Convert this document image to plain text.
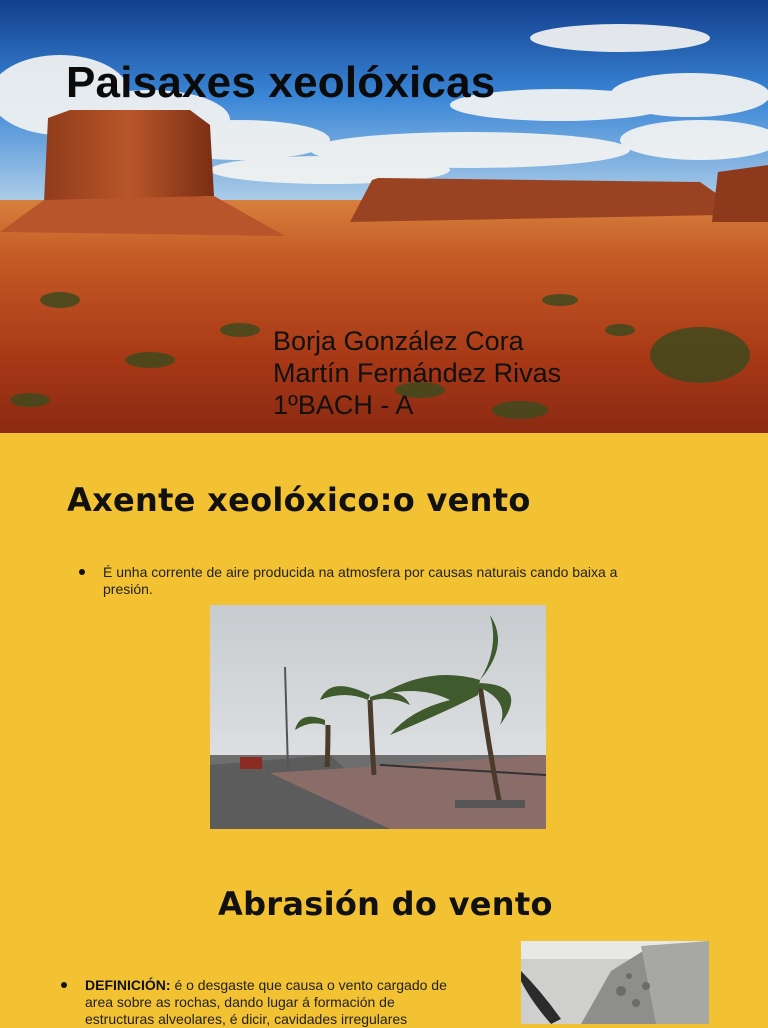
Paisaxes xeolóxicas
Borja González Cora
Martín Fernández Rivas
1ºBACH - A
Axente xeolóxico:o vento
É unha corrente de aire producida na atmosfera por causas naturais cando baixa a presión.
Abrasión do vento
DEFINICIÓN: é o desgaste que causa o vento cargado de area sobre as rochas, dando lugar á formación de estructuras alveolares, é dicir, cavidades irregulares
